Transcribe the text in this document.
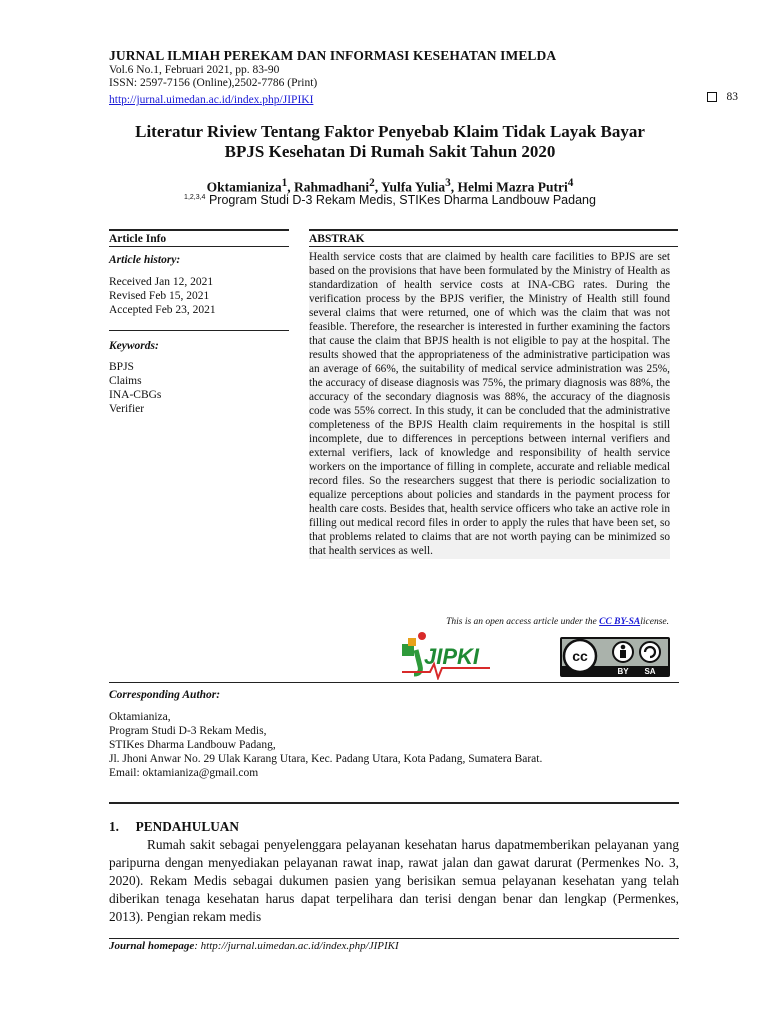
JURNAL ILMIAH PEREKAM DAN INFORMASI KESEHATAN IMELDA
Vol.6 No.1, Februari 2021, pp. 83-90
ISSN: 2597-7156 (Online),2502-7786 (Print)
http://jurnal.uimedan.ac.id/index.php/JIPIKI	83
Literatur Riview Tentang Faktor Penyebab Klaim Tidak Layak Bayar
BPJS Kesehatan Di Rumah Sakit Tahun 2020
Oktamianiza$^1$, Rahmadhani$^2$, Yulfa Yulia$^3$, Helmi Mazra Putri$^4$
$^{1,2,3,4}$ Program Studi D-3 Rekam Medis, STIKes Dharma Landbouw Padang
Article Info
Article history:
Received Jan 12, 2021
Revised Feb 15, 2021
Accepted Feb 23, 2021
Keywords:
BPJS
Claims
INA-CBGs
Verifier
ABSTRAK
Health service costs that are claimed by health care facilities to BPJS are set based on the provisions that have been formulated by the Ministry of Health as standardization of health service costs at INA-CBG rates. During the verification process by the BPJS verifier, the Ministry of Health still found several claims that were returned, one of which was the claim that was not feasible. Therefore, the researcher is interested in further examining the factors that cause the claim that BPJS health is not eligible to pay at the hospital. The results showed that the appropriateness of the administrative participation was an average of 66%, the suitability of medical service administration was 25%, the accuracy of disease diagnosis was 75%, the primary diagnosis was 88%, the accuracy of the secondary diagnosis was 88%, the accuracy of the diagnosis code was 55% correct. In this study, it can be concluded that the administrative completeness of the BPJS Health claim requirements in the hospital is still incomplete, due to differences in perceptions between internal verifiers and external verifiers, lack of knowledge and responsibility of health service workers on the importance of filling in complete, accurate and reliable medical record files. So the researchers suggest that there is periodic socialization to equalize perceptions about policies and standards in the payment process for health care costs. Besides that, health service officers who take an active role in filling out medical record files in order to apply the rules that have been set, so that problems related to claims that are not worth paying can be minimized so that health services as well.
This is an open access article under the CC BY-SAlicense.
JIPKI	cc
BY SA
Corresponding Author:
Oktamianiza,
Program Studi D-3 Rekam Medis,
STIKes Dharma Landbouw Padang,
Jl. Jhoni Anwar No. 29 Ulak Karang Utara, Kec. Padang Utara, Kota Padang, Sumatera Barat.
Email: oktamianiza@gmail.com
1.     PENDAHULUAN

Rumah sakit sebagai penyelenggara pelayanan kesehatan harus dapatmemberikan pelayanan yang paripurna dengan menyediakan pelayanan rawat inap, rawat jalan dan gawat darurat (Permenkes No. 3, 2020). Rekam Medis sebagai dukumen pasien yang berisikan semua pelayanan kesehatan yang telah diberikan tenaga kesehatan harus dapat terpelihara dan terisi dengan benar dan lengkap (Permenkes, 2013). Pengian rekam medis

Journal homepage: http://jurnal.uimedan.ac.id/index.php/JIPIKI
